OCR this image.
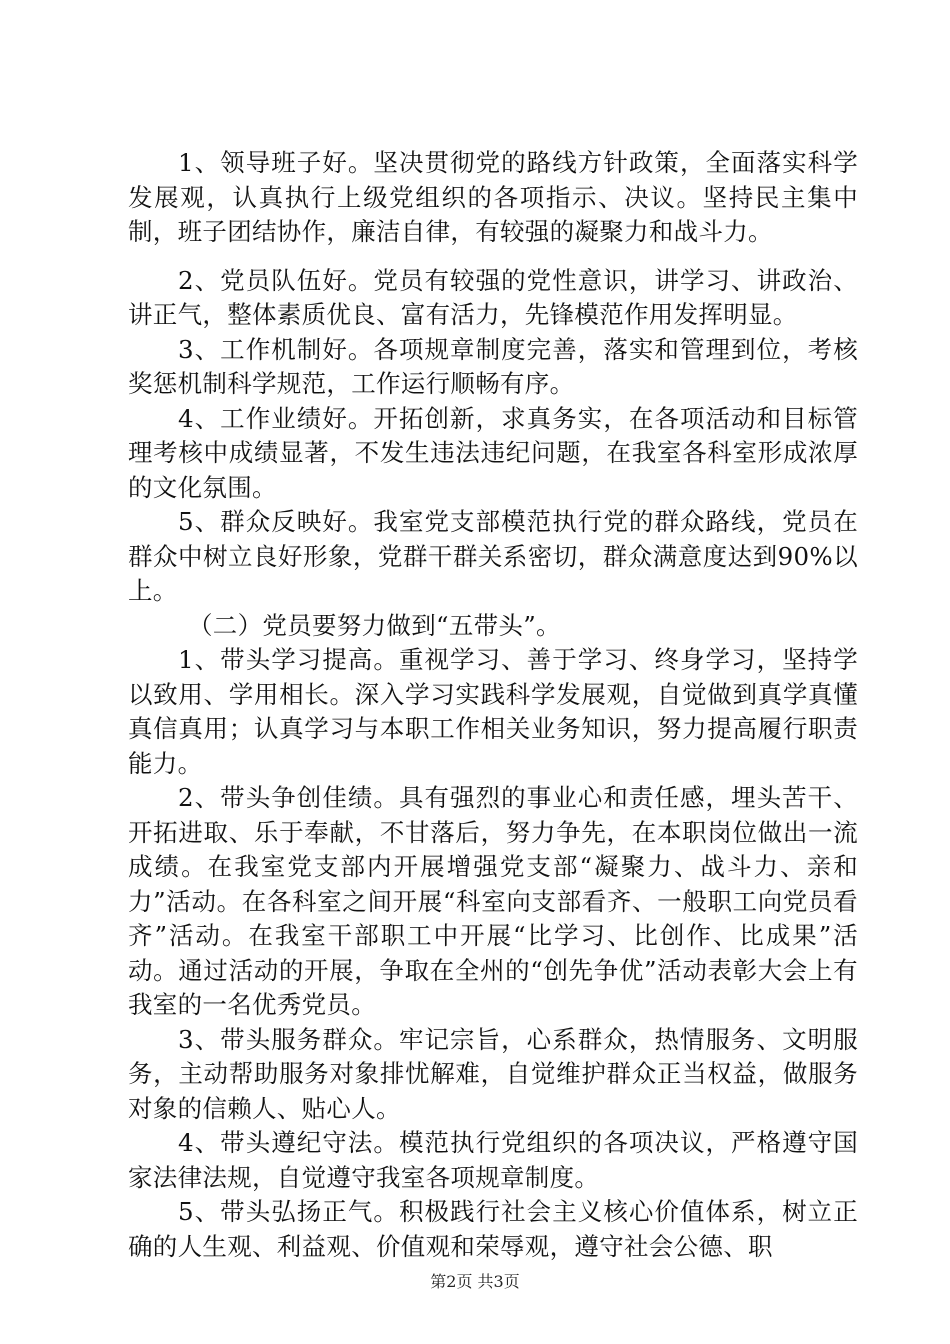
1、领导班子好。坚决贯彻党的路线方针政策，全面落实科学发展观，认真执行上级党组织的各项指示、决议。坚持民主集中制，班子团结协作，廉洁自律，有较强的凝聚力和战斗力。

2、党员队伍好。党员有较强的党性意识，讲学习、讲政治、讲正气，整体素质优良、富有活力，先锋模范作用发挥明显。

3、工作机制好。各项规章制度完善，落实和管理到位，考核奖惩机制科学规范，工作运行顺畅有序。

4、工作业绩好。开拓创新，求真务实，在各项活动和目标管理考核中成绩显著，不发生违法违纪问题，在我室各科室形成浓厚的文化氛围。

5、群众反映好。我室党支部模范执行党的群众路线，党员在群众中树立良好形象，党群干群关系密切，群众满意度达到90%以上。

（二）党员要努力做到“五带头”。

1、带头学习提高。重视学习、善于学习、终身学习，坚持学以致用、学用相长。深入学习实践科学发展观，自觉做到真学真懂真信真用；认真学习与本职工作相关业务知识，努力提高履行职责能力。

2、带头争创佳绩。具有强烈的事业心和责任感，埋头苦干、开拓进取、乐于奉献，不甘落后，努力争先，在本职岗位做出一流成绩。在我室党支部内开展增强党支部“凝聚力、战斗力、亲和力”活动。在各科室之间开展“科室向支部看齐、一般职工向党员看齐”活动。在我室干部职工中开展“比学习、比创作、比成果”活动。通过活动的开展，争取在全州的“创先争优”活动表彰大会上有我室的一名优秀党员。

3、带头服务群众。牢记宗旨，心系群众，热情服务、文明服务，主动帮助服务对象排忧解难，自觉维护群众正当权益，做服务对象的信赖人、贴心人。

4、带头遵纪守法。模范执行党组织的各项决议，严格遵守国家法律法规，自觉遵守我室各项规章制度。

5、带头弘扬正气。积极践行社会主义核心价值体系，树立正确的人生观、利益观、价值观和荣辱观，遵守社会公德、职

第2页 共3页
